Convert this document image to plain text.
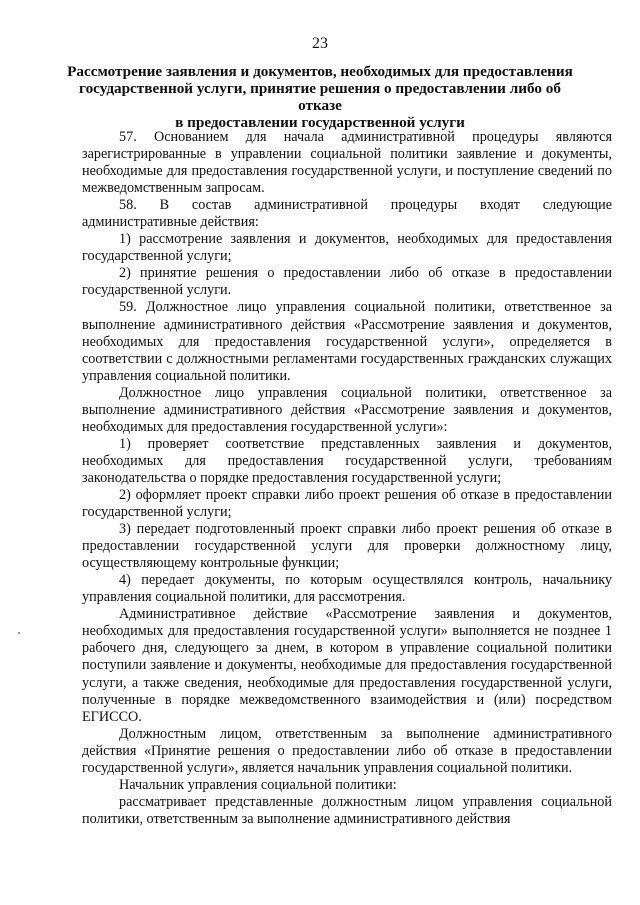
23
Рассмотрение заявления и документов, необходимых для предоставления
государственной услуги, принятие решения о предоставлении либо об отказе
в предоставлении государственной услуги

57. Основанием для начала административной процедуры являются зарегистрированные в управлении социальной политики заявление и документы, необходимые для предоставления государственной услуги, и поступление сведений по межведомственным запросам.

58. В состав административной процедуры входят следующие административные действия:

1) рассмотрение заявления и документов, необходимых для предоставления государственной услуги;

2) принятие решения о предоставлении либо об отказе в предоставлении государственной услуги.

59. Должностное лицо управления социальной политики, ответственное за выполнение административного действия «Рассмотрение заявления и документов, необходимых для предоставления государственной услуги», определяется в соответствии с должностными регламентами государственных гражданских служащих управления социальной политики.

Должностное лицо управления социальной политики, ответственное за выполнение административного действия «Рассмотрение заявления и документов, необходимых для предоставления государственной услуги»:

1) проверяет соответствие представленных заявления и документов, необходимых для предоставления государственной услуги, требованиям законодательства о порядке предоставления государственной услуги;

2) оформляет проект справки либо проект решения об отказе в предоставлении государственной услуги;

3) передает подготовленный проект справки либо проект решения об отказе в предоставлении государственной услуги для проверки должностному лицу, осуществляющему контрольные функции;

4) передает документы, по которым осуществлялся контроль, начальнику управления социальной политики, для рассмотрения.

Административное действие «Рассмотрение заявления и документов, необходимых для предоставления государственной услуги» выполняется не позднее 1 рабочего дня, следующего за днем, в котором в управление социальной политики поступили заявление и документы, необходимые для предоставления государственной услуги, а также сведения, необходимые для предоставления государственной услуги, полученные в порядке межведомственного взаимодействия и (или) посредством ЕГИССО.

Должностным лицом, ответственным за выполнение административного действия «Принятие решения о предоставлении либо об отказе в предоставлении государственной услуги», является начальник управления социальной политики.

Начальник управления социальной политики:

рассматривает представленные должностным лицом управления социальной политики, ответственным за выполнение административного действия
